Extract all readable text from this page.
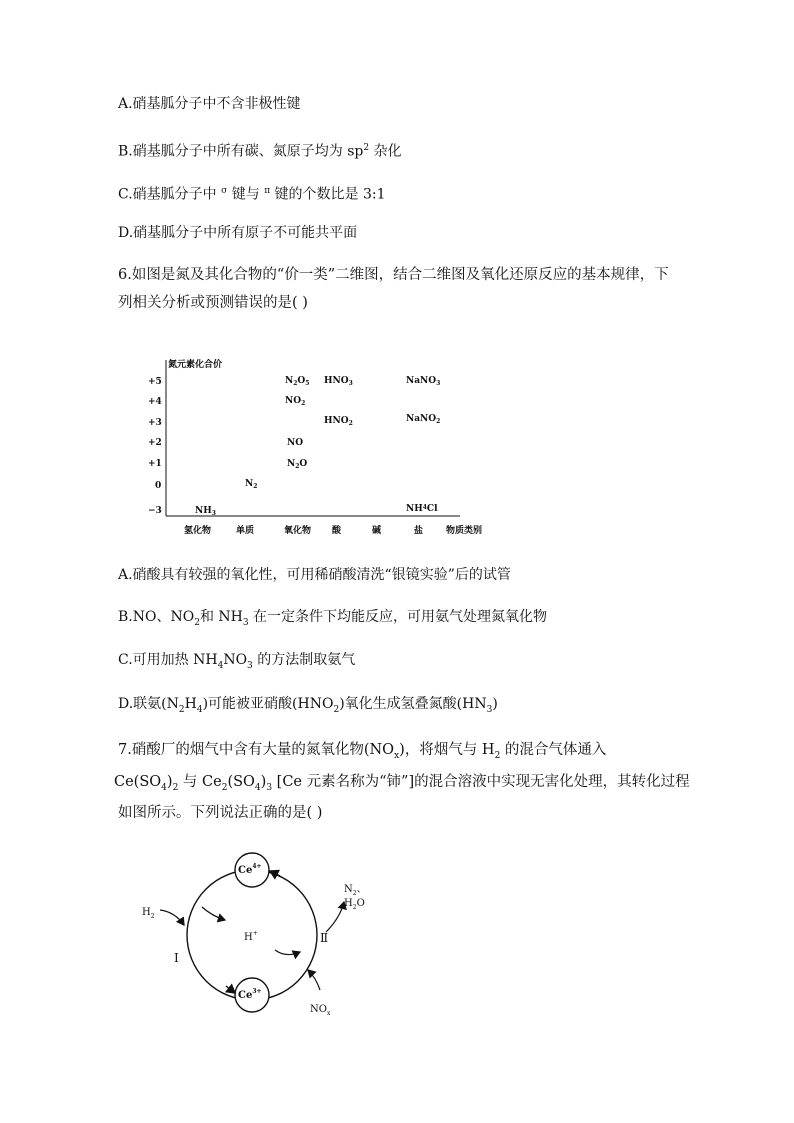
A.硝基胍分子中不含非极性键
B.硝基胍分子中所有碳、氮原子均为 $sp^2$ 杂化
C.硝基胍分子中 $^\sigma$ 键与 $^\pi$ 键的个数比是 3:1
D.硝基胍分子中所有原子不可能共平面
6.如图是氮及其化合物的“价一类”二维图，结合二维图及氧化还原反应的基本规律，下
列相关分析或预测错误的是( )
氮元素化合价
+5
+4
+3
+2
+1
0
−3
氢化物	单质	氧化物 酸	碱	盐	物质类别
$N_2O_5$ $HNO_3$	NaNO$_3$
$NO_2$
$HNO_2$	NaNO$_2$
NO
$N_2O$
$N_2$
$NH_3$	$NH^4Cl$
A.硝酸具有较强的氧化性，可用稀硝酸清洗“银镜实验”后的试管
B.NO、$NO_2$和 $NH_3$ 在一定条件下均能反应，可用氨气处理氮氧化物
C.可用加热 $NH_4NO_3$ 的方法制取氨气
D.联氨$(N_2H_4)$可能被亚硝酸$(HNO_2)$氧化生成氢叠氮酸$(HN_3)$
7.硝酸厂的烟气中含有大量的氮氧化物$(NO_x)$，将烟气与 $H_2$ 的混合气体通入
$Ce(SO_4)_2$ 与 $Ce_2(SO_4)_3$ [Ce 元素名称为“铈”]的混合溶液中实现无害化处理，其转化过程
如图所示。下列说法正确的是( )
$Ce^{4+}$
$Ce^{3+}$
$H_2$
H+
Ⅰ
Ⅱ
$N_2$、
$H_2O$
$NO_x$
